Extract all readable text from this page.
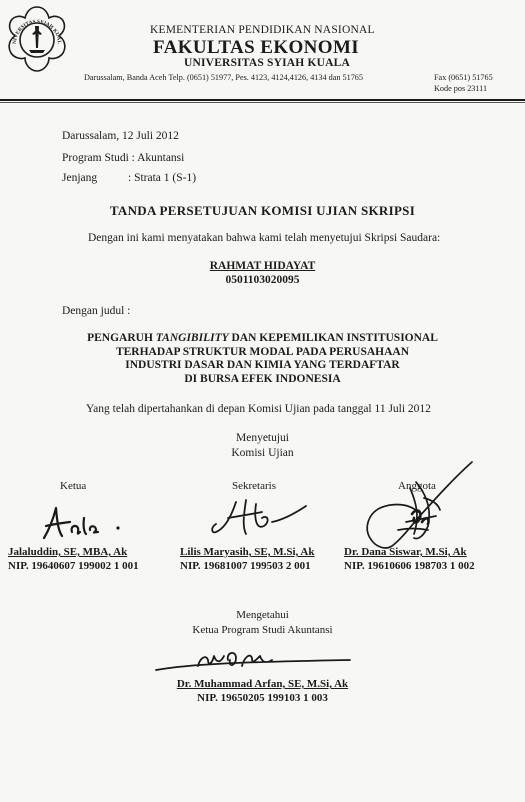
NIVERSITAS SYIAH KUAL
KEMENTERIAN PENDIDIKAN NASIONAL
FAKULTAS EKONOMI
UNIVERSITAS SYIAH KUALA
Darussalam, Banda Aceh Telp. (0651) 51977, Pes. 4123, 4124,4126, 4134 dan 51765	Fax (0651) 51765
Kode pos 23111
Darussalam, 12 Juli 2012
Program Studi : Akuntansi
Jenjang	: Strata 1 (S-1)
TANDA PERSETUJUAN KOMISI UJIAN SKRIPSI
Dengan ini kami menyatakan bahwa kami telah menyetujui Skripsi Saudara:
RAHMAT HIDAYAT
0501103020095
Dengan judul :
PENGARUH TANGIBILITY DAN KEPEMILIKAN INSTITUSIONAL
TERHADAP STRUKTUR MODAL PADA PERUSAHAAN
INDUSTRI DASAR DAN KIMIA YANG TERDAFTAR
DI BURSA EFEK INDONESIA
Yang telah dipertahankan di depan Komisi Ujian pada tanggal 11 Juli 2012
Menyetujui
Komisi Ujian
Ketua	Sekretaris	Anggota
Jalaluddin, SE, MBA, Ak	Lilis Maryasih, SE, M.Si, Ak	Dr. Dana Siswar, M.Si, Ak
NIP. 19640607 199002 1 001	NIP. 19681007 199503 2 001	NIP. 19610606 198703 1 002
Mengetahui
Ketua Program Studi Akuntansi
Dr. Muhammad Arfan, SE, M.Si, Ak
NIP. 19650205 199103 1 003
